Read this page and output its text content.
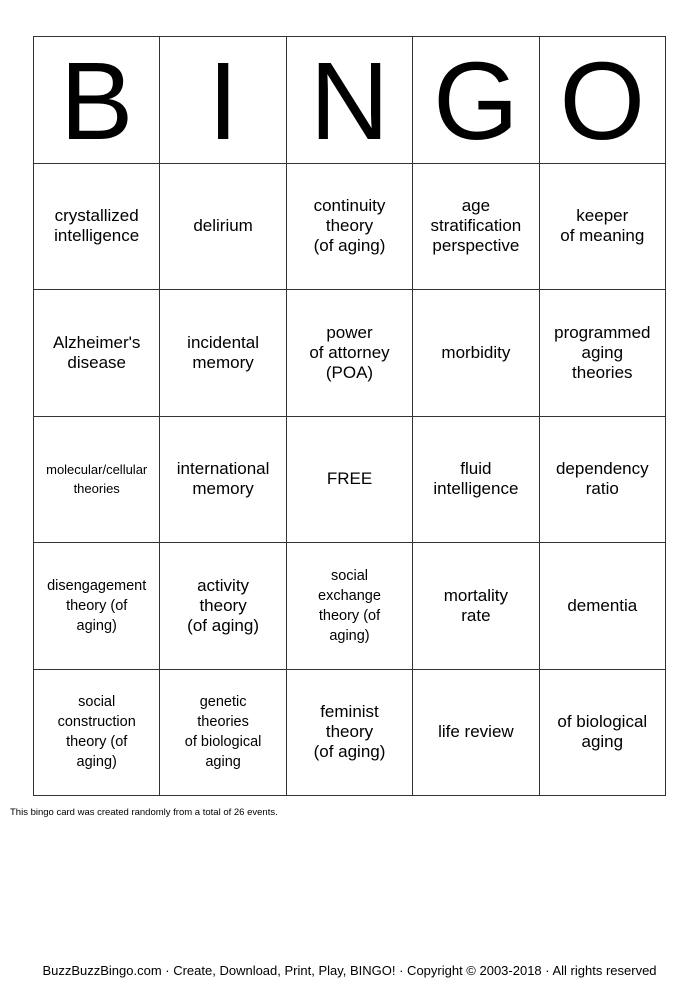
B I N G O
crystallized
intelligence
delirium
continuity
theory
(of aging)
age
stratification
perspective
keeper
of meaning
Alzheimer's
disease
incidental
memory
power
of attorney
(POA)
morbidity
programmed
aging
theories
molecular/cellular
theories
international
memory
FREE
fluid
intelligence
dependency
ratio
disengagement
theory (of
aging)
activity
theory
(of aging)
social
exchange
theory (of
aging)
mortality
rate
dementia
social
construction
theory (of
aging)
genetic
theories
of biological
aging
feminist
theory
(of aging)
life review
of biological
aging
This bingo card was created randomly from a total of 26 events.
BuzzBuzzBingo.com · Create, Download, Print, Play, BINGO! · Copyright © 2003-2018 · All rights reserved
